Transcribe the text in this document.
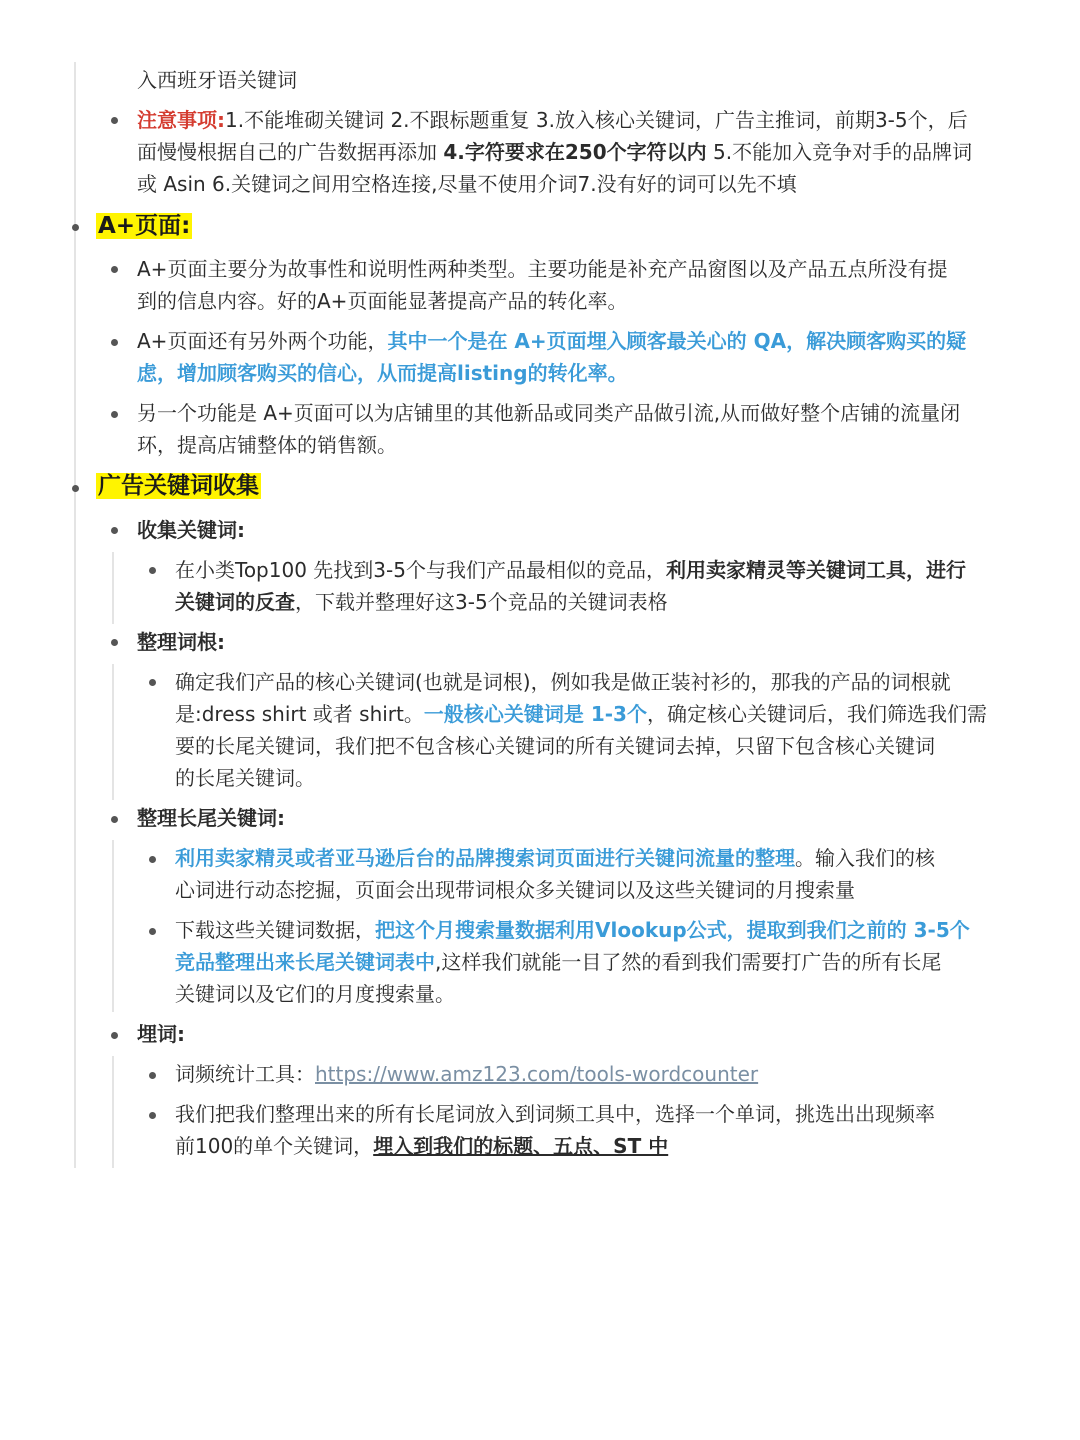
入西班牙语关键词
注意事项:1.不能堆砌关键词 2.不跟标题重复 3.放入核心关键词，广告主推词，前期3-5个，后
面慢慢根据自己的广告数据再添加 4.字符要求在250个字符以内 5.不能加入竞争对手的品牌词
或 Asin 6.关键词之间用空格连接,尽量不使用介词7.没有好的词可以先不填
A+页面:
A+页面主要分为故事性和说明性两种类型。主要功能是补充产品窗图以及产品五点所没有提
到的信息内容。好的A+页面能显著提高产品的转化率。
A+页面还有另外两个功能，其中一个是在 A+页面埋入顾客最关心的 QA，解决顾客购买的疑
虑，增加顾客购买的信心，从而提高listing的转化率。
另一个功能是 A+页面可以为店铺里的其他新品或同类产品做引流,从而做好整个店铺的流量闭
环，提高店铺整体的销售额。
广告关键词收集
收集关键词:
在小类Top100 先找到3-5个与我们产品最相似的竞品，利用卖家精灵等关键词工具，进行
关键词的反查，下载并整理好这3-5个竞品的关键词表格
整理词根:
确定我们产品的核心关键词(也就是词根)，例如我是做正装衬衫的，那我的产品的词根就
是:dress shirt 或者 shirt。一般核心关键词是 1-3个，确定核心关键词后，我们筛选我们需
要的长尾关键词，我们把不包含核心关键词的所有关键词去掉，只留下包含核心关键词
的长尾关键词。
整理长尾关键词:
利用卖家精灵或者亚马逊后台的品牌搜索词页面进行关键问流量的整理。输入我们的核
心词进行动态挖掘，页面会出现带词根众多关键词以及这些关键词的月搜索量
下载这些关键词数据，把这个月搜索量数据利用Vlookup公式，提取到我们之前的 3-5个
竞品整理出来长尾关键词表中,这样我们就能一目了然的看到我们需要打广告的所有长尾
关键词以及它们的月度搜索量。
埋词:
词频统计工具：https://www.amz123.com/tools-wordcounter
我们把我们整理出来的所有长尾词放入到词频工具中，选择一个单词，挑选出出现频率
前100的单个关键词，埋入到我们的标题、五点、ST 中
